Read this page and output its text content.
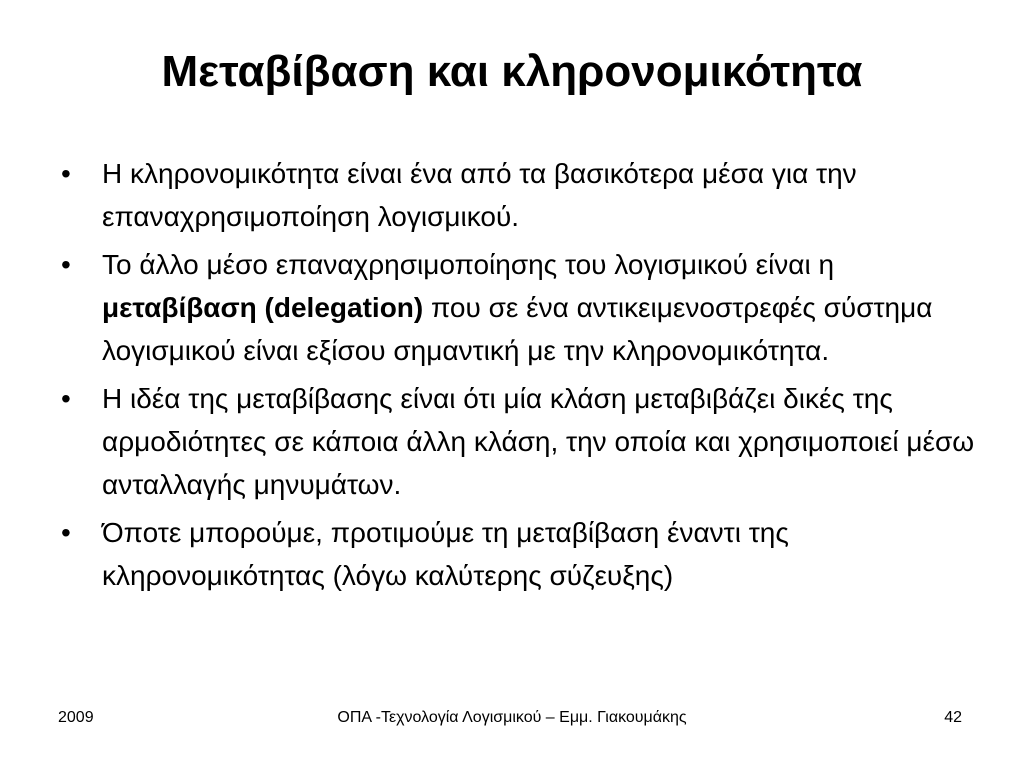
Μεταβίβαση και κληρονομικότητα
• Η κληρονομικότητα είναι ένα από τα βασικότερα μέσα για την επαναχρησιμοποίηση λογισμικού.
• Το άλλο μέσο επαναχρησιμοποίησης του λογισμικού είναι η μεταβίβαση (delegation) που σε ένα αντικειμενοστρεφές σύστημα λογισμικού είναι εξίσου σημαντική με την κληρονομικότητα.
• Η ιδέα της μεταβίβασης είναι ότι μία κλάση μεταβιβάζει δικές της αρμοδιότητες σε κάποια άλλη κλάση, την οποία και χρησιμοποιεί μέσω ανταλλαγής μηνυμάτων.
• Όποτε μπορούμε, προτιμούμε τη μεταβίβαση έναντι της κληρονομικότητας (λόγω καλύτερης σύζευξης)
2009	ΟΠΑ -Τεχνολογία Λογισμικού – Εμμ. Γιακουμάκης	42
